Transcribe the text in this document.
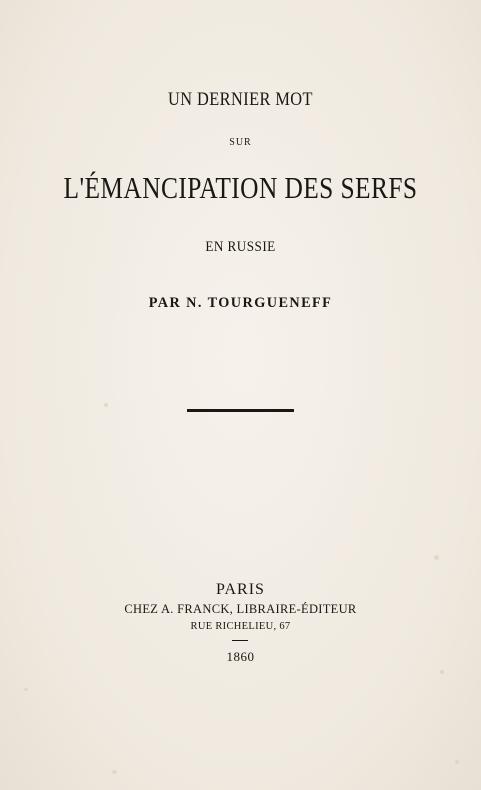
UN DERNIER MOT
SUR
L'ÉMANCIPATION DES SERFS
EN RUSSIE
PAR N. TOURGUENEFF
PARIS
CHEZ A. FRANCK, LIBRAIRE-ÉDITEUR
RUE RICHELIEU, 67
1860
